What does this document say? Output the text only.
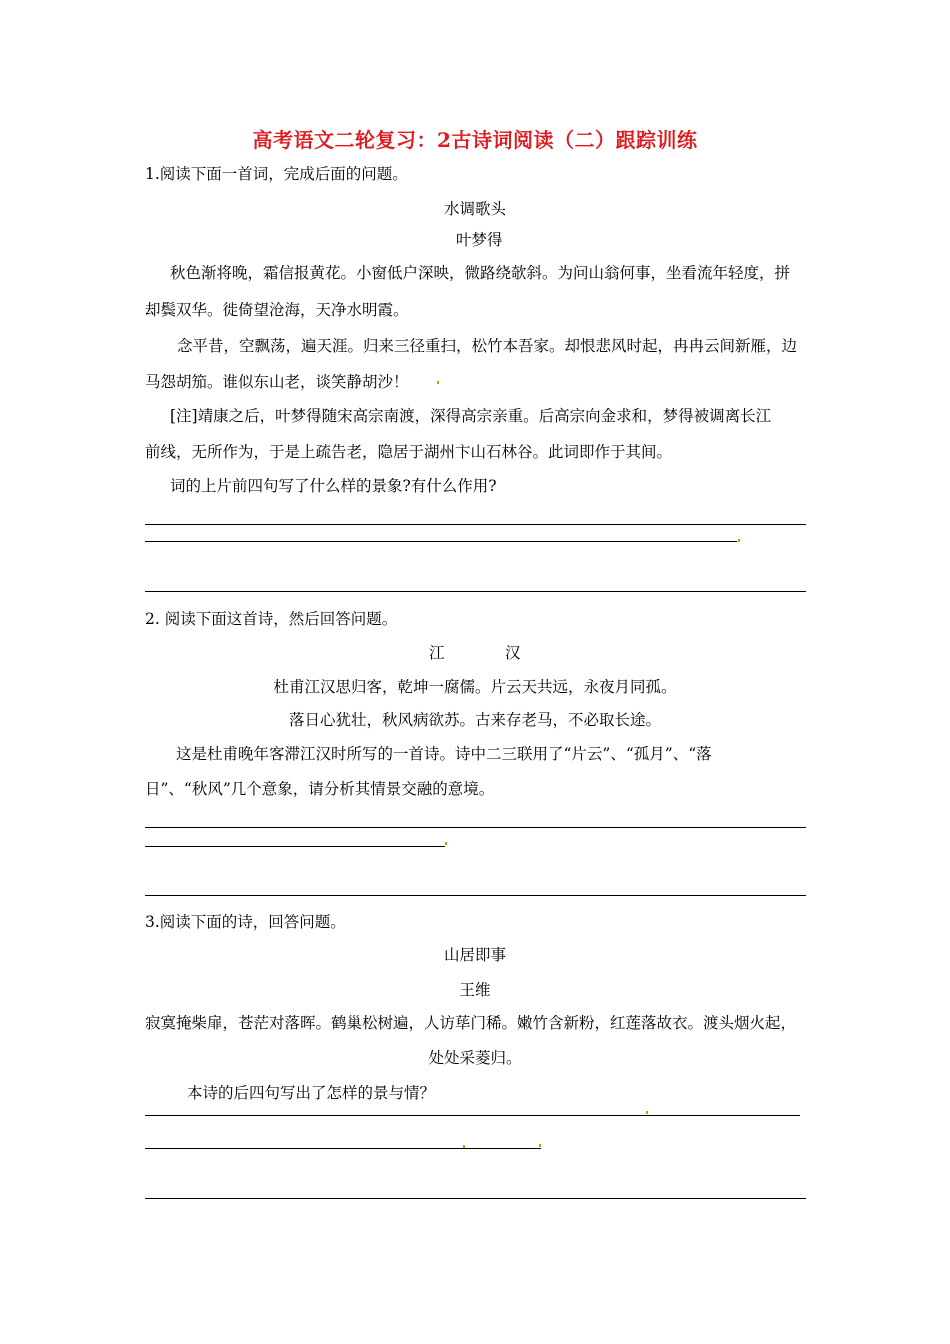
高考语文二轮复习：2古诗词阅读（二）跟踪训练
1.阅读下面一首词，完成后面的问题。
水调歌头
叶梦得
秋色渐将晚，霜信报黄花。小窗低户深映，微路绕欹斜。为问山翁何事，坐看流年轻度，拼
却鬓双华。徙倚望沧海，天净水明霞。
念平昔，空飘荡，遍天涯。归来三径重扫，松竹本吾家。却恨悲风时起，冉冉云间新雁，边
马怨胡笳。谁似东山老，谈笑静胡沙！
[注]靖康之后，叶梦得随宋高宗南渡，深得高宗亲重。后高宗向金求和，梦得被调离长江
前线，无所作为，于是上疏告老，隐居于湖州卞山石林谷。此词即作于其间。
词的上片前四句写了什么样的景象?有什么作用?
2. 阅读下面这首诗，然后回答问题。
江	汉
杜甫江汉思归客，乾坤一腐儒。片云天共远，永夜月同孤。
落日心犹壮，秋风病欲苏。古来存老马，不必取长途。
这是杜甫晚年客滞江汉时所写的一首诗。诗中二三联用了“片云”、“孤月”、“落
日”、“秋风”几个意象，请分析其情景交融的意境。
3.阅读下面的诗，回答问题。
山居即事
王维
寂寞掩柴扉，苍茫对落晖。鹤巢松树遍，人访荜门稀。嫩竹含新粉，红莲落故衣。渡头烟火起，
处处采菱归。
本诗的后四句写出了怎样的景与情？
